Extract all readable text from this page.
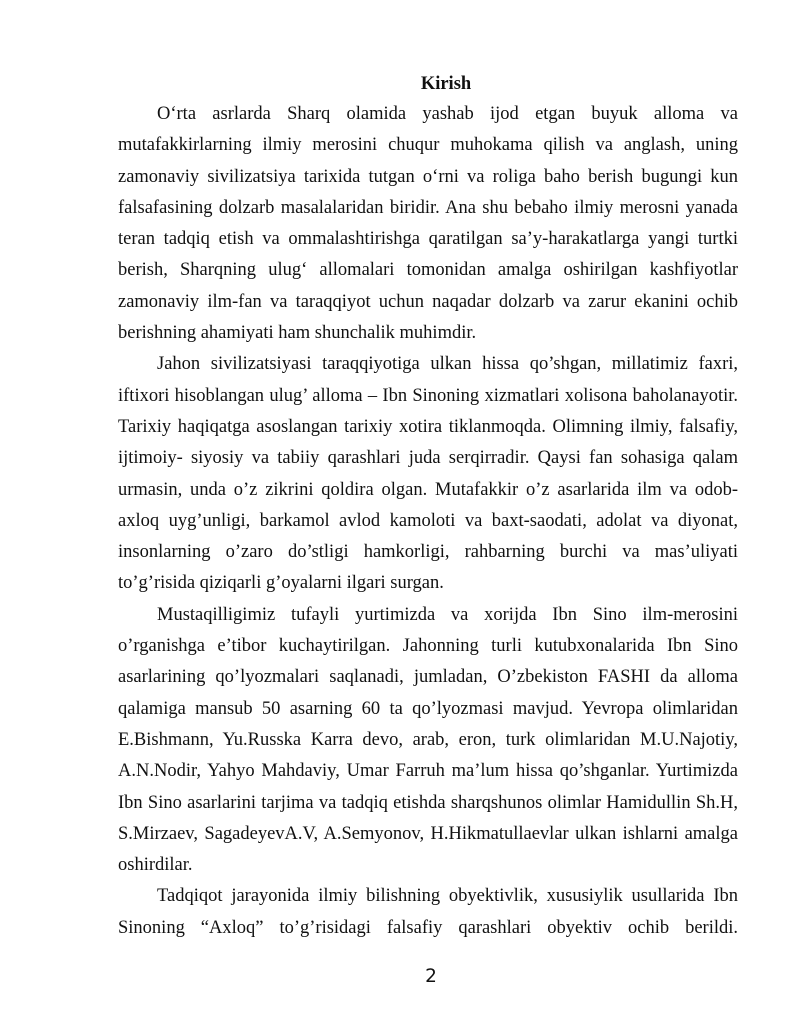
Kirish

O‘rta asrlarda Sharq olamida yashab ijod etgan buyuk alloma va mutafakkirlarning ilmiy merosini chuqur muhokama qilish va anglash, uning zamonaviy sivilizatsiya tarixida tutgan o‘rni va roliga baho berish bugungi kun falsafasining dolzarb masalalaridan biridir. Ana shu bebaho ilmiy merosni yanada teran tadqiq etish va ommalashtirishga qaratilgan sa’y-harakatlarga yangi turtki berish, Sharqning ulug‘ allomalari tomonidan amalga oshirilgan kashfiyotlar zamonaviy ilm-fan va taraqqiyot uchun naqadar dolzarb va zarur ekanini ochib berishning ahamiyati ham shunchalik muhimdir.

Jahon sivilizatsiyasi taraqqiyotiga ulkan hissa qo’shgan, millatimiz faxri, iftixori hisoblangan ulug’ alloma – Ibn Sinoning xizmatlari xolisona baholanayotir. Tarixiy haqiqatga asoslangan tarixiy xotira tiklanmoqda. Olimning ilmiy, falsafiy, ijtimoiy- siyosiy va tabiiy qarashlari juda serqirradir. Qaysi fan sohasiga qalam urmasin, unda o’z zikrini qoldira olgan. Mutafakkir o’z asarlarida ilm va odob-axloq uyg’unligi, barkamol avlod kamoloti va baxt-saodati, adolat va diyonat, insonlarning o’zaro do’stligi hamkorligi, rahbarning burchi va mas’uliyati to’g’risida qiziqarli g’oyalarni ilgari surgan.

Mustaqilligimiz tufayli yurtimizda va xorijda Ibn Sino ilm-merosini o’rganishga e’tibor kuchaytirilgan. Jahonning turli kutubxonalarida Ibn Sino asarlarining qo’lyozmalari saqlanadi, jumladan, O’zbekiston FASHI da alloma qalamiga mansub 50 asarning 60 ta qo’lyozmasi mavjud. Yevropa olimlaridan E.Bishmann, Yu.Russka Karra devo, arab, eron, turk olimlaridan M.U.Najotiy, A.N.Nodir, Yahyo Mahdaviy, Umar Farruh ma’lum hissa qo’shganlar. Yurtimizda Ibn Sino asarlarini tarjima va tadqiq etishda sharqshunos olimlar Hamidullin Sh.H, S.Mirzaev, SagadeyevA.V, A.Semyonov, H.Hikmatullaevlar ulkan ishlarni amalga oshirdilar.

Tadqiqot jarayonida ilmiy bilishning obyektivlik, xususiylik usullarida Ibn Sinoning “Axloq” to’g’risidagi falsafiy qarashlari obyektiv ochib berildi.

2
